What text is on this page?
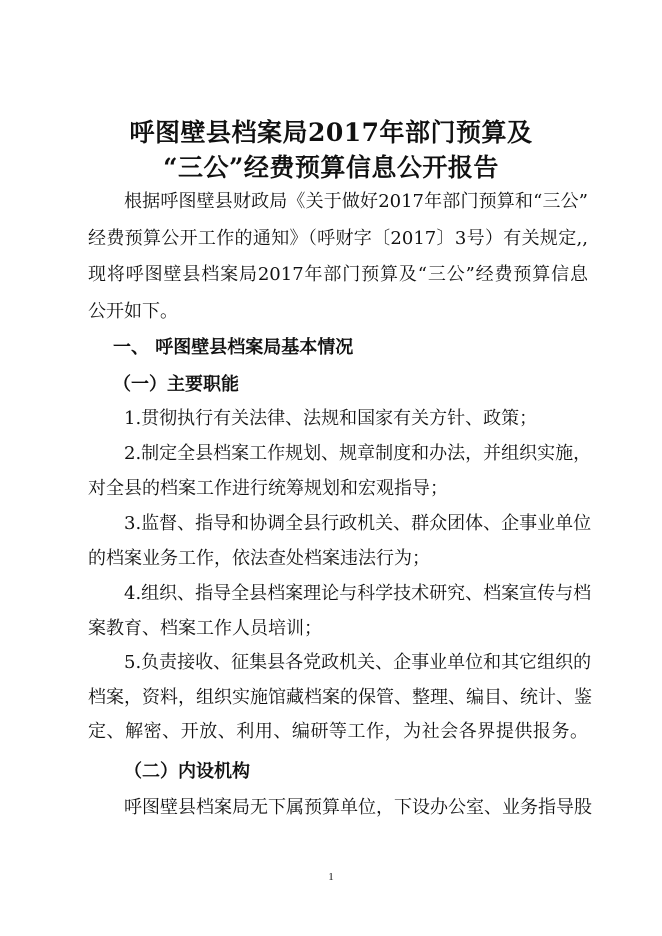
呼图壁县档案局2017年部门预算及
“三公”经费预算信息公开报告
根据呼图壁县财政局《关于做好2017年部门预算和“三公”
经费预算公开工作的通知》（呼财字〔2017〕3号）有关规定,,
现将呼图壁县档案局2017年部门预算及“三公”经费预算信息
公开如下。
一、 呼图壁县档案局基本情况
（一）主要职能
1.贯彻执行有关法律、法规和国家有关方针、政策；
2.制定全县档案工作规划、规章制度和办法，并组织实施，
对全县的档案工作进行统筹规划和宏观指导；
3.监督、指导和协调全县行政机关、群众团体、企事业单位
的档案业务工作，依法查处档案违法行为；
4.组织、指导全县档案理论与科学技术研究、档案宣传与档
案教育、档案工作人员培训；
5.负责接收、征集县各党政机关、企事业单位和其它组织的
档案，资料，组织实施馆藏档案的保管、整理、编目、统计、鉴
定、解密、开放、利用、编研等工作，为社会各界提供报务。
（二）内设机构
呼图壁县档案局无下属预算单位，下设办公室、业务指导股
1
